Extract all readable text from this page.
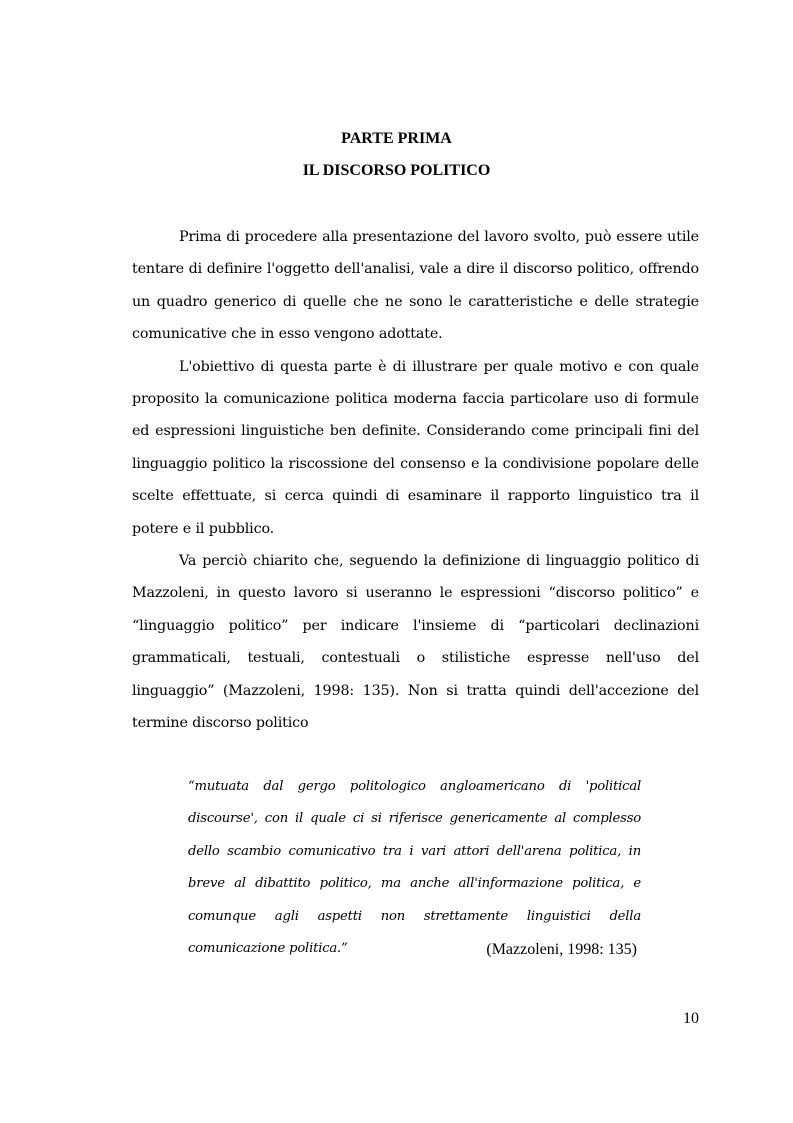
PARTE PRIMA
IL DISCORSO POLITICO

Prima di procedere alla presentazione del lavoro svolto, può essere utile tentare di definire l'oggetto dell'analisi, vale a dire il discorso politico, offrendo un quadro generico di quelle che ne sono le caratteristiche e delle strategie comunicative che in esso vengono adottate.

L'obiettivo di questa parte è di illustrare per quale motivo e con quale proposito la comunicazione politica moderna faccia particolare uso di formule ed espressioni linguistiche ben definite. Considerando come principali fini del linguaggio politico la riscossione del consenso e la condivisione popolare delle scelte effettuate, si cerca quindi di esaminare il rapporto linguistico tra il potere e il pubblico.

Va perciò chiarito che, seguendo la definizione di linguaggio politico di Mazzoleni, in questo lavoro si useranno le espressioni “discorso politico” e “linguaggio politico” per indicare l'insieme di “particolari declinazioni grammaticali, testuali, contestuali o stilistiche espresse nell'uso del linguaggio” (Mazzoleni, 1998: 135). Non si tratta quindi dell'accezione del termine discorso politico

“mutuata dal gergo politologico angloamericano di 'political discourse', con il quale ci si riferisce genericamente al complesso dello scambio comunicativo tra i vari attori dell'arena politica, in breve al dibattito politico, ma anche all'informazione politica, e comunque agli aspetti non strettamente linguistici della comunicazione politica.”	(Mazzoleni, 1998: 135)

10
